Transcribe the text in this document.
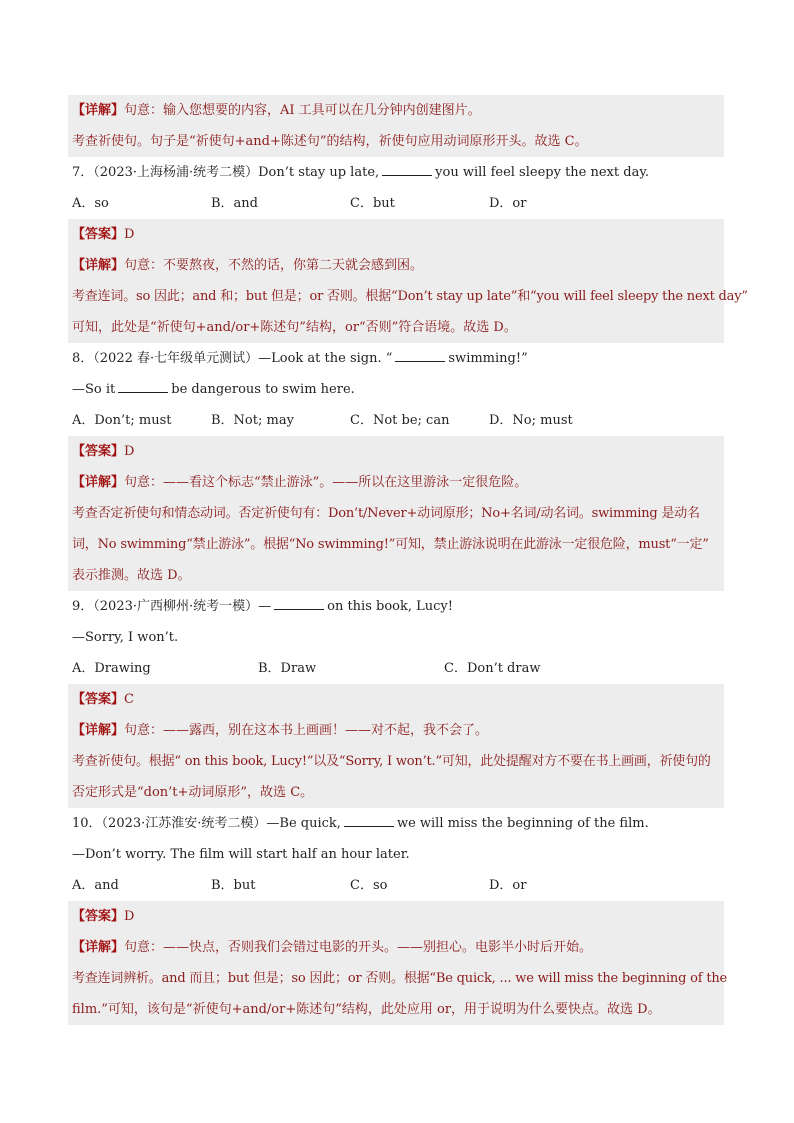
【详解】句意：输入您想要的内容，AI 工具可以在几分钟内创建图片。
考查祈使句。句子是“祈使句+and+陈述句”的结构，祈使句应用动词原形开头。故选 C。
7．（2023·上海杨浦·统考二模）Don’t stay up late,	you will feel sleepy the next day.
A．so	B．and	C．but	D．or
【答案】D
【详解】句意：不要熬夜，不然的话，你第二天就会感到困。
考查连词。so 因此；and 和；but 但是；or 否则。根据“Don’t stay up late”和“you will feel sleepy the next day”
可知，此处是“祈使句+and/or+陈述句”结构，or“否则”符合语境。故选 D。
8．（2022 春·七年级单元测试）—Look at the sign. “	swimming!”
—So it	be dangerous to swim here.
A．Don’t; must	B．Not; may	C．Not be; can	D．No; must
【答案】D
【详解】句意：——看这个标志“禁止游泳”。——所以在这里游泳一定很危险。
考查否定祈使句和情态动词。否定祈使句有：Don’t/Never+动词原形；No+名词/动名词。swimming 是动名
词，No swimming“禁止游泳”。根据“No swimming!”可知，禁止游泳说明在此游泳一定很危险，must“一定”
表示推测。故选 D。
9．（2023·广西柳州·统考一模）—	on this book, Lucy!
—Sorry, I won’t.
A．Drawing	B．Draw	C．Don’t draw
【答案】C
【详解】句意：——露西，别在这本书上画画！——对不起，我不会了。
考查祈使句。根据“ on this book, Lucy!”以及“Sorry, I won’t.”可知，此处提醒对方不要在书上画画，祈使句的
否定形式是“don’t+动词原形”，故选 C。
10．（2023·江苏淮安·统考二模）—Be quick,	we will miss the beginning of the film.
—Don’t worry. The film will start half an hour later.
A．and	B．but	C．so	D．or
【答案】D
【详解】句意：——快点，否则我们会错过电影的开头。——别担心。电影半小时后开始。
考查连词辨析。and 而且；but 但是；so 因此；or 否则。根据“Be quick, ... we will miss the beginning of the
film.”可知，该句是“祈使句+and/or+陈述句”结构，此处应用 or，用于说明为什么要快点。故选 D。
